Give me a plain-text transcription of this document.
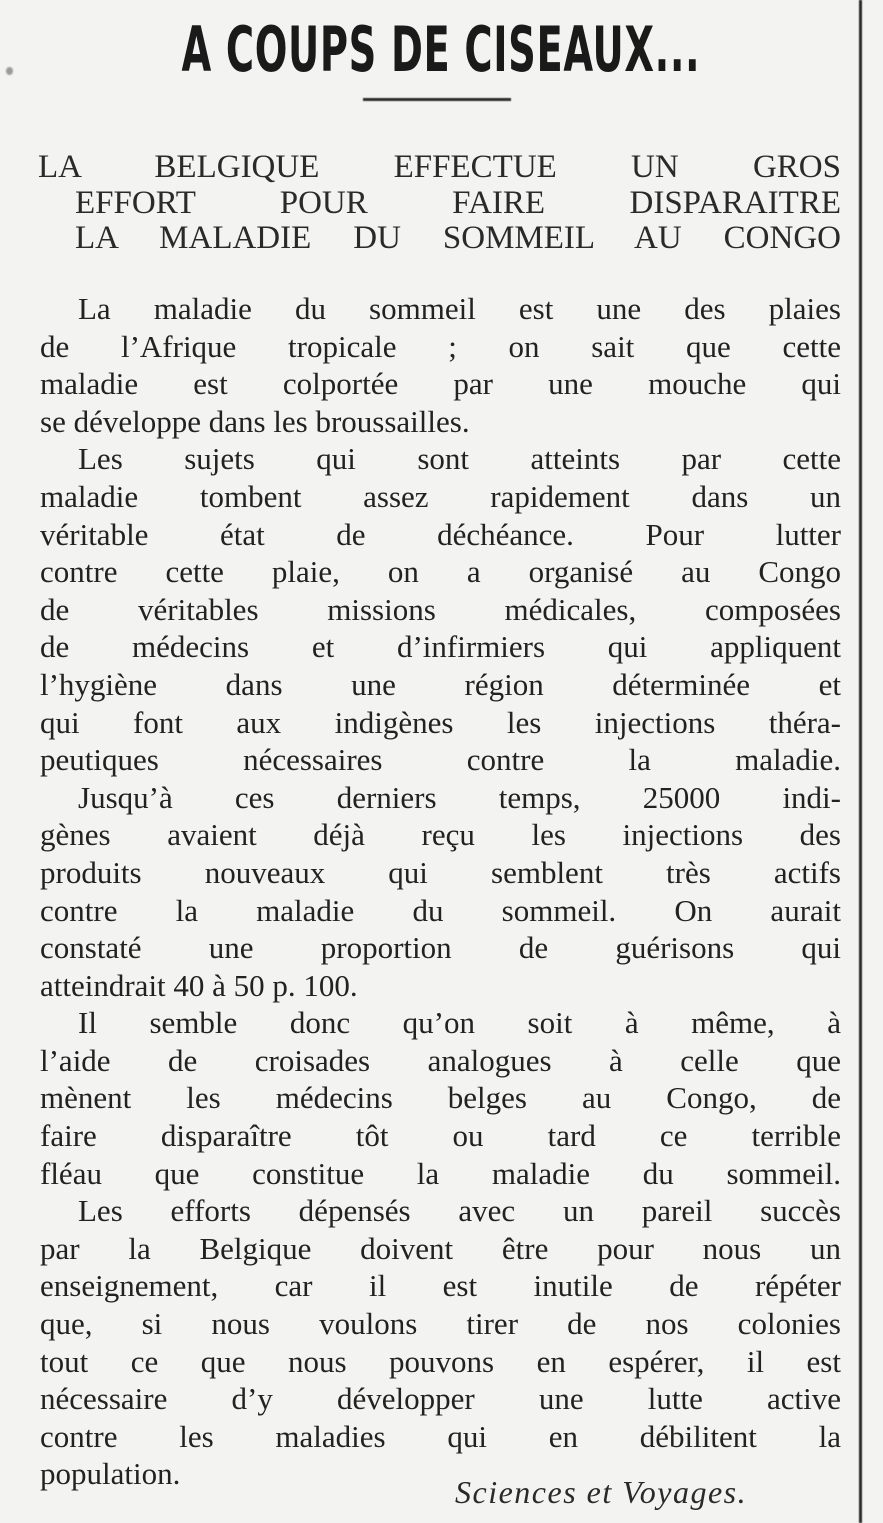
A COUPS DE CISEAUX...
LA BELGIQUE EFFECTUE UN GROS
EFFORT POUR FAIRE DISPARAITRE
LA MALADIE DU SOMMEIL AU CONGO
La maladie du sommeil est une des plaies
de l’Afrique tropicale ; on sait que cette
maladie est colportée par une mouche qui
se développe dans les broussailles.
Les sujets qui sont atteints par cette
maladie tombent assez rapidement dans un
véritable état de déchéance. Pour lutter
contre cette plaie, on a organisé au Congo
de véritables missions médicales, composées
de médecins et d’infirmiers qui appliquent
l’hygiène dans une région déterminée et
qui font aux indigènes les injections théra-
peutiques nécessaires contre la maladie.
Jusqu’à ces derniers temps, 25000 indi-
gènes avaient déjà reçu les injections des
produits nouveaux qui semblent très actifs
contre la maladie du sommeil. On aurait
constaté une proportion de guérisons qui
atteindrait 40 à 50 p. 100.
Il semble donc qu’on soit à même, à
l’aide de croisades analogues à celle que
mènent les médecins belges au Congo, de
faire disparaître tôt ou tard ce terrible
fléau que constitue la maladie du sommeil.
Les efforts dépensés avec un pareil succès
par la Belgique doivent être pour nous un
enseignement, car il est inutile de répéter
que, si nous voulons tirer de nos colonies
tout ce que nous pouvons en espérer, il est
nécessaire d’y développer une lutte active
contre les maladies qui en débilitent la
population.
Sciences et Voyages.
